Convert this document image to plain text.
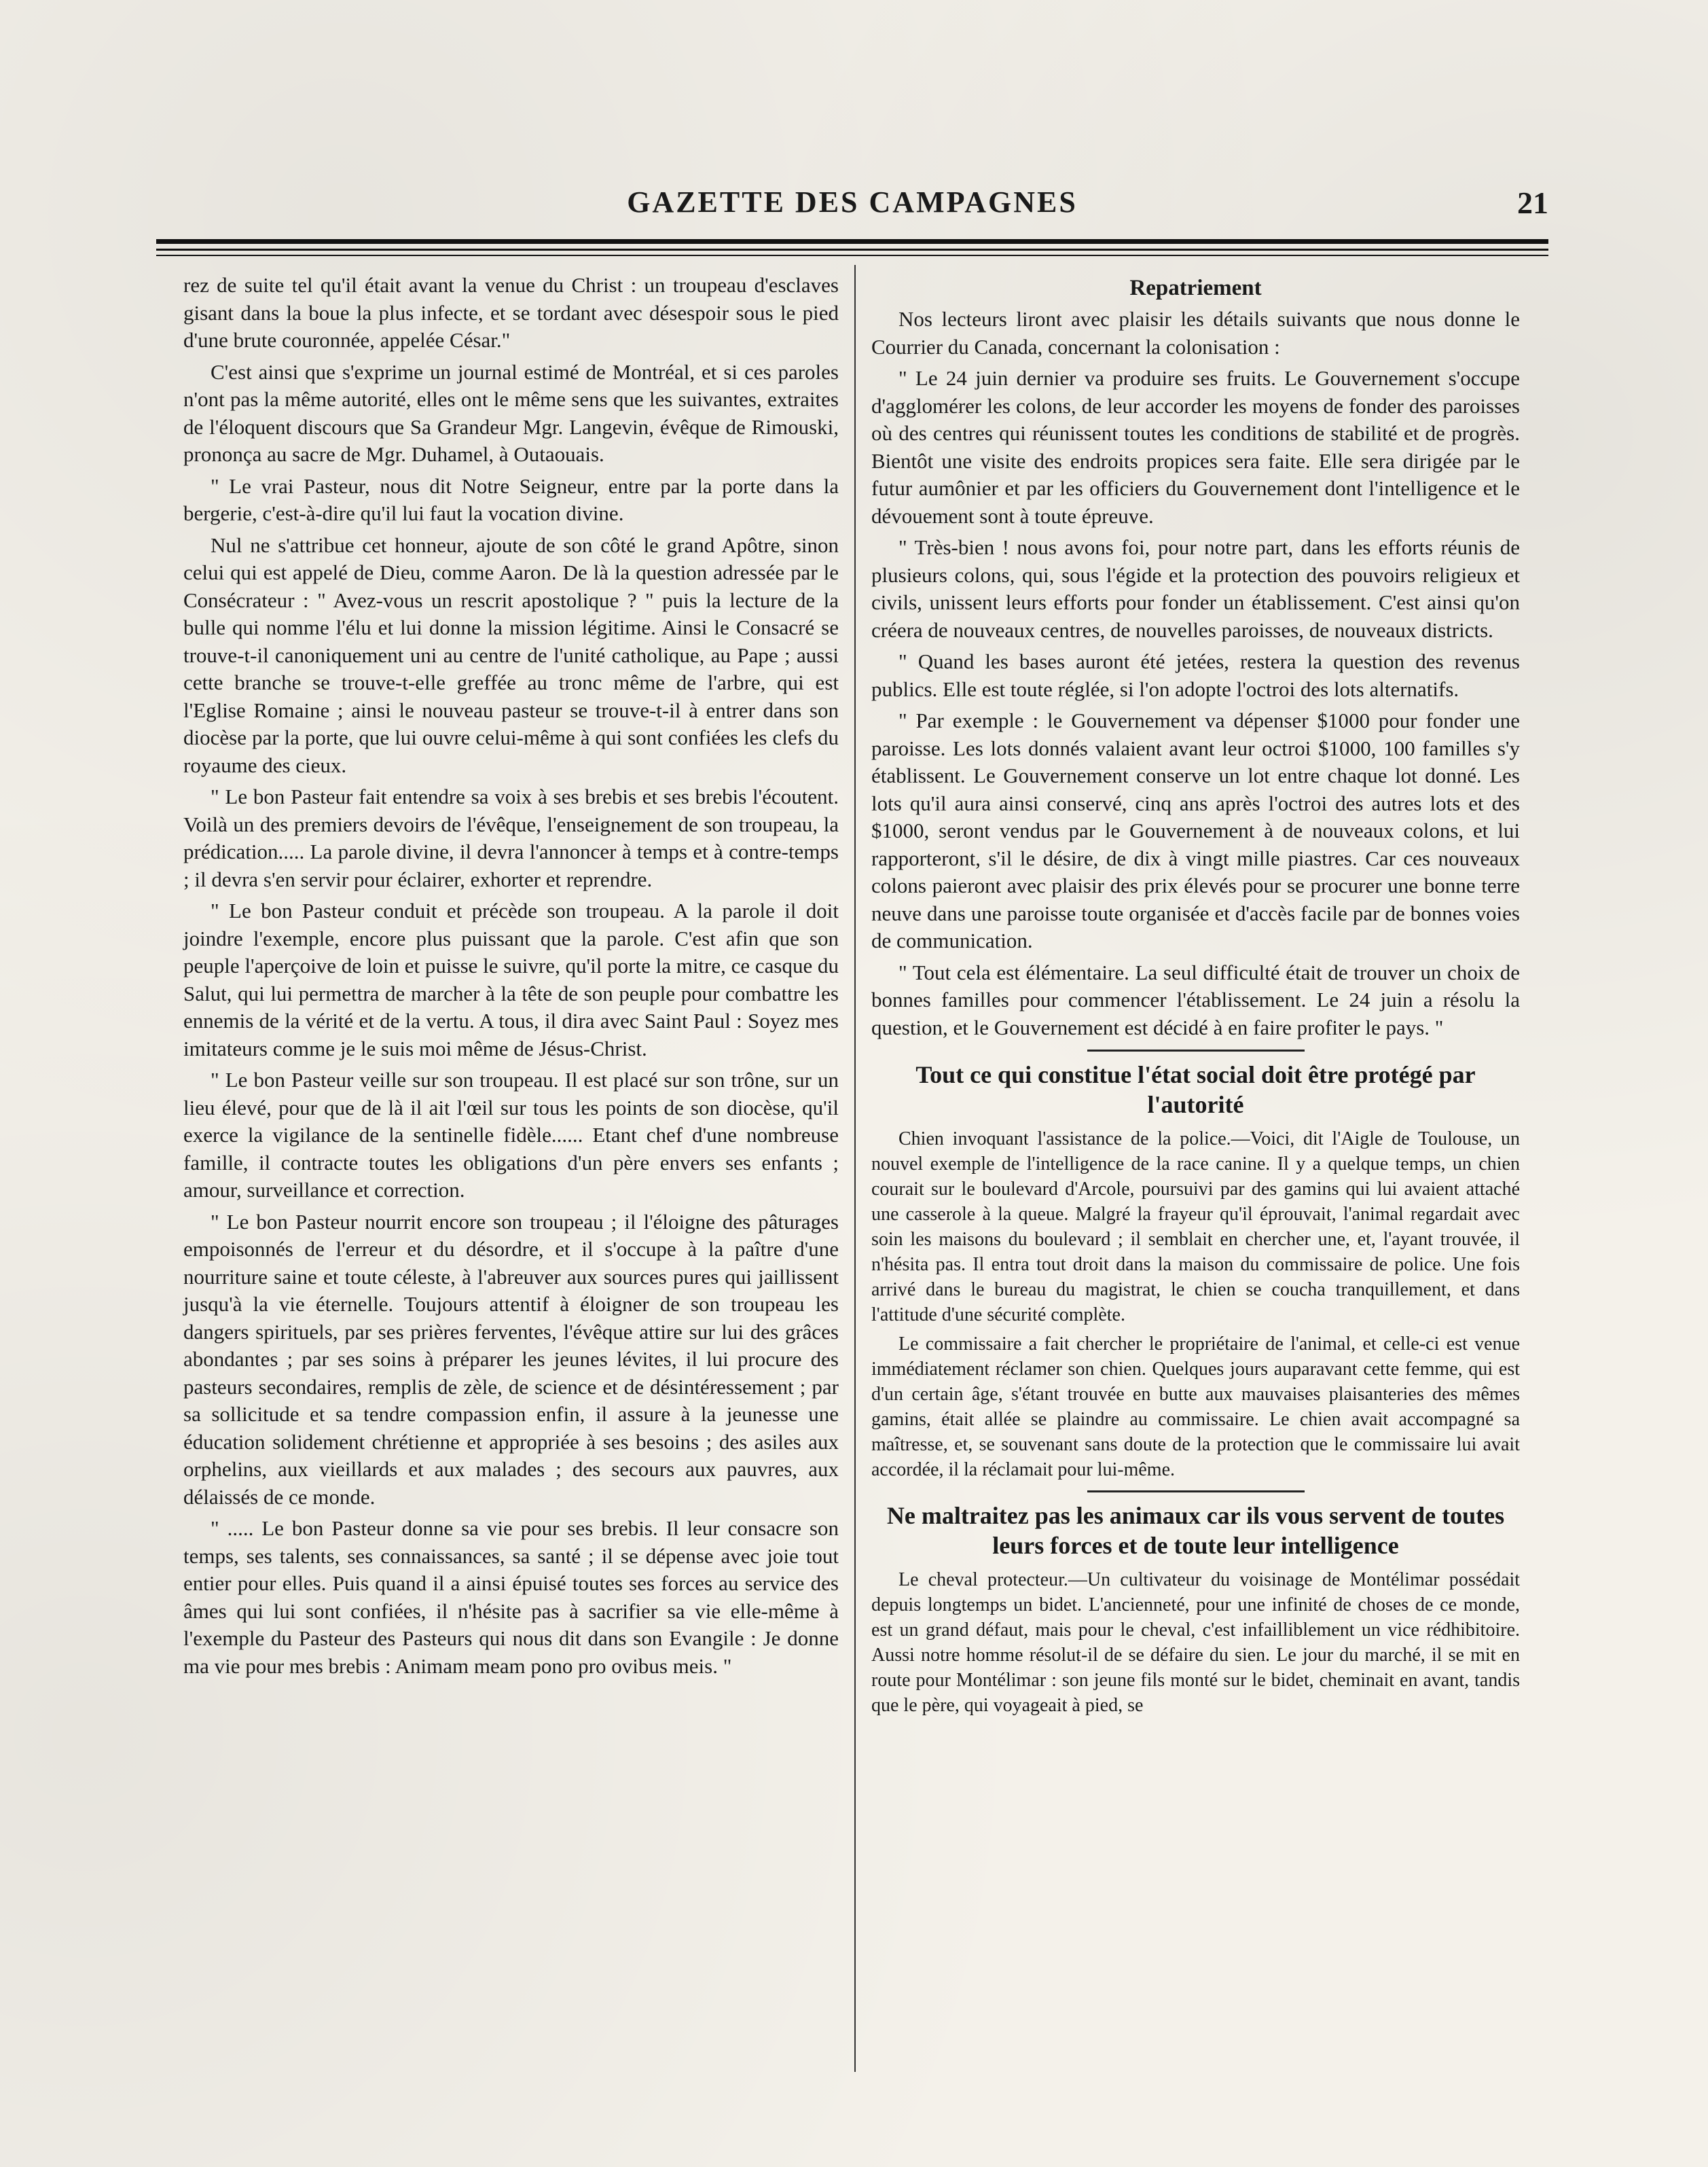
GAZETTE DES CAMPAGNES	21

rez de suite tel qu'il était avant la venue du Christ : un troupeau d'esclaves gisant dans la boue la plus infecte, et se tordant avec désespoir sous le pied d'une brute couronnée, appelée César."

C'est ainsi que s'exprime un journal estimé de Montréal, et si ces paroles n'ont pas la même autorité, elles ont le même sens que les suivantes, extraites de l'éloquent discours que Sa Grandeur Mgr. Langevin, évêque de Rimouski, prononça au sacre de Mgr. Duhamel, à Outaouais.

" Le vrai Pasteur, nous dit Notre Seigneur, entre par la porte dans la bergerie, c'est-à-dire qu'il lui faut la vocation divine.

Nul ne s'attribue cet honneur, ajoute de son côté le grand Apôtre, sinon celui qui est appelé de Dieu, comme Aaron. De là la question adressée par le Consécrateur : " Avez-vous un rescrit apostolique ? " puis la lecture de la bulle qui nomme l'élu et lui donne la mission légitime. Ainsi le Consacré se trouve-t-il canoniquement uni au centre de l'unité catholique, au Pape ; aussi cette branche se trouve-t-elle greffée au tronc même de l'arbre, qui est l'Eglise Romaine ; ainsi le nouveau pasteur se trouve-t-il à entrer dans son diocèse par la porte, que lui ouvre celui-même à qui sont confiées les clefs du royaume des cieux.

" Le bon Pasteur fait entendre sa voix à ses brebis et ses brebis l'écoutent. Voilà un des premiers devoirs de l'évêque, l'enseignement de son troupeau, la prédication..... La parole divine, il devra l'annoncer à temps et à contre-temps ; il devra s'en servir pour éclairer, exhorter et reprendre.

" Le bon Pasteur conduit et précède son troupeau. A la parole il doit joindre l'exemple, encore plus puissant que la parole. C'est afin que son peuple l'aperçoive de loin et puisse le suivre, qu'il porte la mitre, ce casque du Salut, qui lui permettra de marcher à la tête de son peuple pour combattre les ennemis de la vérité et de la vertu. A tous, il dira avec Saint Paul : Soyez mes imitateurs comme je le suis moi même de Jésus-Christ.

" Le bon Pasteur veille sur son troupeau. Il est placé sur son trône, sur un lieu élevé, pour que de là il ait l'œil sur tous les points de son diocèse, qu'il exerce la vigilance de la sentinelle fidèle...... Etant chef d'une nombreuse famille, il contracte toutes les obligations d'un père envers ses enfants ; amour, surveillance et correction.

" Le bon Pasteur nourrit encore son troupeau ; il l'éloigne des pâturages empoisonnés de l'erreur et du désordre, et il s'occupe à la paître d'une nourriture saine et toute céleste, à l'abreuver aux sources pures qui jaillissent jusqu'à la vie éternelle. Toujours attentif à éloigner de son troupeau les dangers spirituels, par ses prières ferventes, l'évêque attire sur lui des grâces abondantes ; par ses soins à préparer les jeunes lévites, il lui procure des pasteurs secondaires, remplis de zèle, de science et de désintéressement ; par sa sollicitude et sa tendre compassion enfin, il assure à la jeunesse une éducation solidement chrétienne et appropriée à ses besoins ; des asiles aux orphelins, aux vieillards et aux malades ; des secours aux pauvres, aux délaissés de ce monde.

" ..... Le bon Pasteur donne sa vie pour ses brebis. Il leur consacre son temps, ses talents, ses connaissances, sa santé ; il se dépense avec joie tout entier pour elles. Puis quand il a ainsi épuisé toutes ses forces au service des âmes qui lui sont confiées, il n'hésite pas à sacrifier sa vie elle-même à l'exemple du Pasteur des Pasteurs qui nous dit dans son Evangile : Je donne ma vie pour mes brebis : Animam meam pono pro ovibus meis. "

Repatriement

Nos lecteurs liront avec plaisir les détails suivants que nous donne le Courrier du Canada, concernant la colonisation :

" Le 24 juin dernier va produire ses fruits. Le Gouvernement s'occupe d'agglomérer les colons, de leur accorder les moyens de fonder des paroisses où des centres qui réunissent toutes les conditions de stabilité et de progrès. Bientôt une visite des endroits propices sera faite. Elle sera dirigée par le futur aumônier et par les officiers du Gouvernement dont l'intelligence et le dévouement sont à toute épreuve.

" Très-bien ! nous avons foi, pour notre part, dans les efforts réunis de plusieurs colons, qui, sous l'égide et la protection des pouvoirs religieux et civils, unissent leurs efforts pour fonder un établissement. C'est ainsi qu'on créera de nouveaux centres, de nouvelles paroisses, de nouveaux districts.

" Quand les bases auront été jetées, restera la question des revenus publics. Elle est toute réglée, si l'on adopte l'octroi des lots alternatifs.

" Par exemple : le Gouvernement va dépenser $1000 pour fonder une paroisse. Les lots donnés valaient avant leur octroi $1000, 100 familles s'y établissent. Le Gouvernement conserve un lot entre chaque lot donné. Les lots qu'il aura ainsi conservé, cinq ans après l'octroi des autres lots et des $1000, seront vendus par le Gouvernement à de nouveaux colons, et lui rapporteront, s'il le désire, de dix à vingt mille piastres. Car ces nouveaux colons paieront avec plaisir des prix élevés pour se procurer une bonne terre neuve dans une paroisse toute organisée et d'accès facile par de bonnes voies de communication.

" Tout cela est élémentaire. La seul difficulté était de trouver un choix de bonnes familles pour commencer l'établissement. Le 24 juin a résolu la question, et le Gouvernement est décidé à en faire profiter le pays. "

Tout ce qui constitue l'état social doit être protégé par l'autorité

Chien invoquant l'assistance de la police.—Voici, dit l'Aigle de Toulouse, un nouvel exemple de l'intelligence de la race canine. Il y a quelque temps, un chien courait sur le boulevard d'Arcole, poursuivi par des gamins qui lui avaient attaché une casserole à la queue. Malgré la frayeur qu'il éprouvait, l'animal regardait avec soin les maisons du boulevard ; il semblait en chercher une, et, l'ayant trouvée, il n'hésita pas. Il entra tout droit dans la maison du commissaire de police. Une fois arrivé dans le bureau du magistrat, le chien se coucha tranquillement, et dans l'attitude d'une sécurité complète.

Le commissaire a fait chercher le propriétaire de l'animal, et celle-ci est venue immédiatement réclamer son chien. Quelques jours auparavant cette femme, qui est d'un certain âge, s'étant trouvée en butte aux mauvaises plaisanteries des mêmes gamins, était allée se plaindre au commissaire. Le chien avait accompagné sa maîtresse, et, se souvenant sans doute de la protection que le commissaire lui avait accordée, il la réclamait pour lui-même.

Ne maltraitez pas les animaux car ils vous servent de toutes leurs forces et de toute leur intelligence

Le cheval protecteur.—Un cultivateur du voisinage de Montélimar possédait depuis longtemps un bidet. L'ancienneté, pour une infinité de choses de ce monde, est un grand défaut, mais pour le cheval, c'est infailliblement un vice rédhibitoire. Aussi notre homme résolut-il de se défaire du sien. Le jour du marché, il se mit en route pour Montélimar : son jeune fils monté sur le bidet, cheminait en avant, tandis que le père, qui voyageait à pied, se
